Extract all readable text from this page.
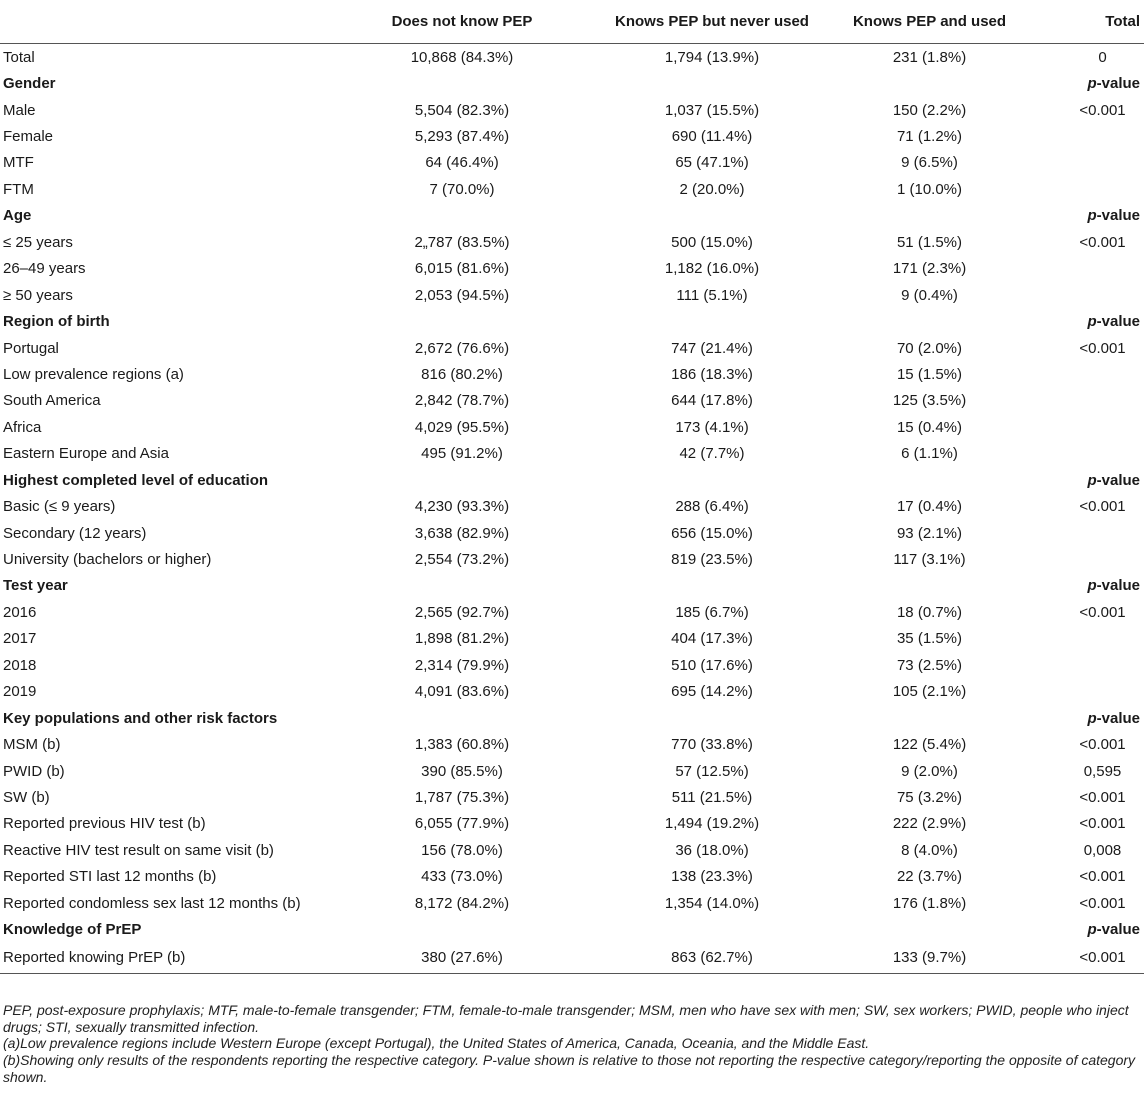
	Does not know PEP	Knows PEP but never used	Knows PEP and used	Total
Total	10,868 (84.3%)	1,794 (13.9%)	231 (1.8%)	0
Gender				p-value
Male	5,504 (82.3%)	1,037 (15.5%)	150 (2.2%)	<0.001
Female	5,293 (87.4%)	690 (11.4%)	71 (1.2%)	
MTF	64 (46.4%)	65 (47.1%)	9 (6.5%)	
FTM	7 (70.0%)	2 (20.0%)	1 (10.0%)	
Age				p-value
≤ 25 years	2„787 (83.5%)	500 (15.0%)	51 (1.5%)	<0.001
26–49 years	6,015 (81.6%)	1,182 (16.0%)	171 (2.3%)	
≥ 50 years	2,053 (94.5%)	111 (5.1%)	9 (0.4%)	
Region of birth				p-value
Portugal	2,672 (76.6%)	747 (21.4%)	70 (2.0%)	<0.001
Low prevalence regions (a)	816 (80.2%)	186 (18.3%)	15 (1.5%)	
South America	2,842 (78.7%)	644 (17.8%)	125 (3.5%)	
Africa	4,029 (95.5%)	173 (4.1%)	15 (0.4%)	
Eastern Europe and Asia	495 (91.2%)	42 (7.7%)	6 (1.1%)	
Highest completed level of education				p-value
Basic (≤ 9 years)	4,230 (93.3%)	288 (6.4%)	17 (0.4%)	<0.001
Secondary (12 years)	3,638 (82.9%)	656 (15.0%)	93 (2.1%)	
University (bachelors or higher)	2,554 (73.2%)	819 (23.5%)	117 (3.1%)	
Test year				p-value
2016	2,565 (92.7%)	185 (6.7%)	18 (0.7%)	<0.001
2017	1,898 (81.2%)	404 (17.3%)	35 (1.5%)	
2018	2,314 (79.9%)	510 (17.6%)	73 (2.5%)	
2019	4,091 (83.6%)	695 (14.2%)	105 (2.1%)	
Key populations and other risk factors				p-value
MSM (b)	1,383 (60.8%)	770 (33.8%)	122 (5.4%)	<0.001
PWID (b)	390 (85.5%)	57 (12.5%)	9 (2.0%)	0,595
SW (b)	1,787 (75.3%)	511 (21.5%)	75 (3.2%)	<0.001
Reported previous HIV test (b)	6,055 (77.9%)	1,494 (19.2%)	222 (2.9%)	<0.001
Reactive HIV test result on same visit (b)	156 (78.0%)	36 (18.0%)	8 (4.0%)	0,008
Reported STI last 12 months (b)	433 (73.0%)	138 (23.3%)	22 (3.7%)	<0.001
Reported condomless sex last 12 months (b)	8,172 (84.2%)	1,354 (14.0%)	176 (1.8%)	<0.001
Knowledge of PrEP				p-value
Reported knowing PrEP (b)	380 (27.6%)	863 (62.7%)	133 (9.7%)	<0.001

PEP, post-exposure prophylaxis; MTF, male-to-female transgender; FTM, female-to-male transgender; MSM, men who have sex with men; SW, sex workers; PWID, people who inject drugs; STI, sexually transmitted infection.

(a)Low prevalence regions include Western Europe (except Portugal), the United States of America, Canada, Oceania, and the Middle East.

(b)Showing only results of the respondents reporting the respective category. P-value shown is relative to those not reporting the respective category/reporting the opposite of category shown.
